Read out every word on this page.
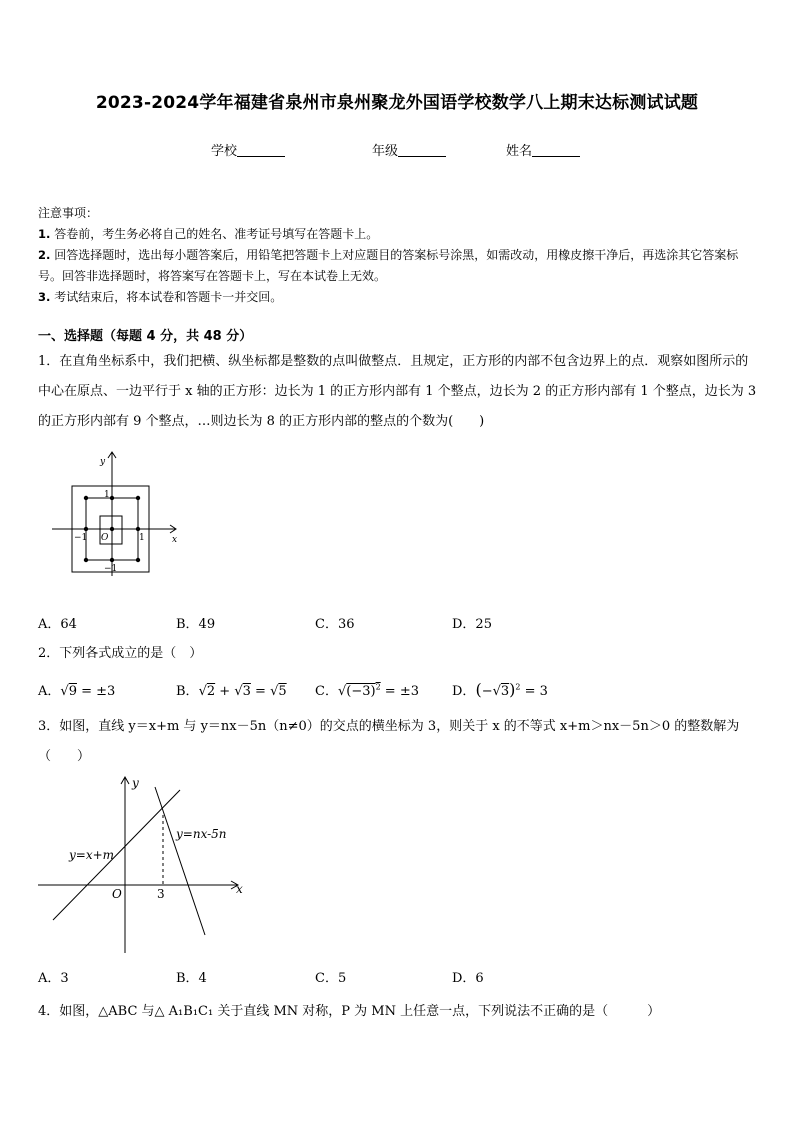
2023-2024学年福建省泉州市泉州聚龙外国语学校数学八上期末达标测试试题
学校	年级	姓名
注意事项：
1. 答卷前，考生务必将自己的姓名、准考证号填写在答题卡上。
2. 回答选择题时，选出每小题答案后，用铅笔把答题卡上对应题目的答案标号涂黑，如需改动，用橡皮擦干净后，再选涂其它答案标号。回答非选择题时，将答案写在答题卡上，写在本试卷上无效。
3. 考试结束后，将本试卷和答题卡一并交回。
一、选择题（每题 4 分，共 48 分）
1．在直角坐标系中，我们把横、纵坐标都是整数的点叫做整点．且规定，正方形的内部不包含边界上的点．观察如图所示的中心在原点、一边平行于 x 轴的正方形：边长为 1 的正方形内部有 1 个整点，边长为 2 的正方形内部有 1 个整点，边长为 3 的正方形内部有 9 个整点，…则边长为 8 的正方形内部的整点的个数为(　　)
y
x
1
−1 O	1
−1
A．64	B．49	C．36	D．25
2．下列各式成立的是（　）
A．√9 = ±3	B．√2 + √3 = √5 C．$√(-3)^2 = \pm 3$	D．$(-√3)^2 = 3$
3．如图，直线 y＝x+m 与 y＝nx－5n（n≠0）的交点的横坐标为 3，则关于 x 的不等式 x+m＞nx－5n＞0 的整数解为（　　）
y
x
O
y=x+m
y=nx-5n
3
A．3	B．4	C．5	D．6
4．如图，△ABC 与△ A₁B₁C₁ 关于直线 MN 对称，P 为 MN 上任意一点，下列说法不正确的是（　　　）
